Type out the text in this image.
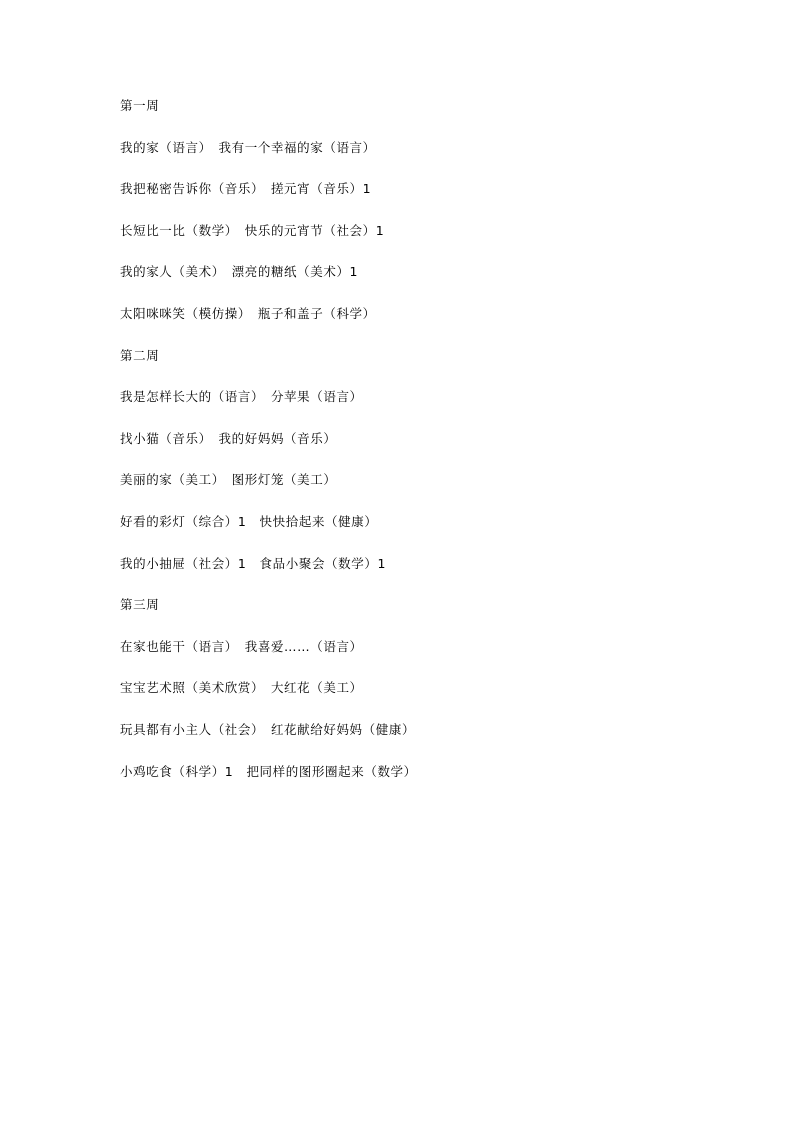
第一周
我的家（语言）　我有一个幸福的家（语言）
我把秘密告诉你（音乐）　搓元宵（音乐）1
长短比一比（数学）　快乐的元宵节（社会）1
我的家人（美术）　漂亮的糖纸（美术）1
太阳咪咪笑（模仿操）　瓶子和盖子（科学）
第二周
我是怎样长大的（语言）　分苹果（语言）
找小猫（音乐）　我的好妈妈（音乐）
美丽的家（美工）　图形灯笼（美工）
好看的彩灯（综合）1　快快拾起来（健康）
我的小抽屉（社会）1　食品小聚会（数学）1
第三周
在家也能干（语言）　我喜爱……（语言）
宝宝艺术照（美术欣赏）　大红花（美工）
玩具都有小主人（社会）　红花献给好妈妈（健康）
小鸡吃食（科学）1　把同样的图形圈起来（数学）
